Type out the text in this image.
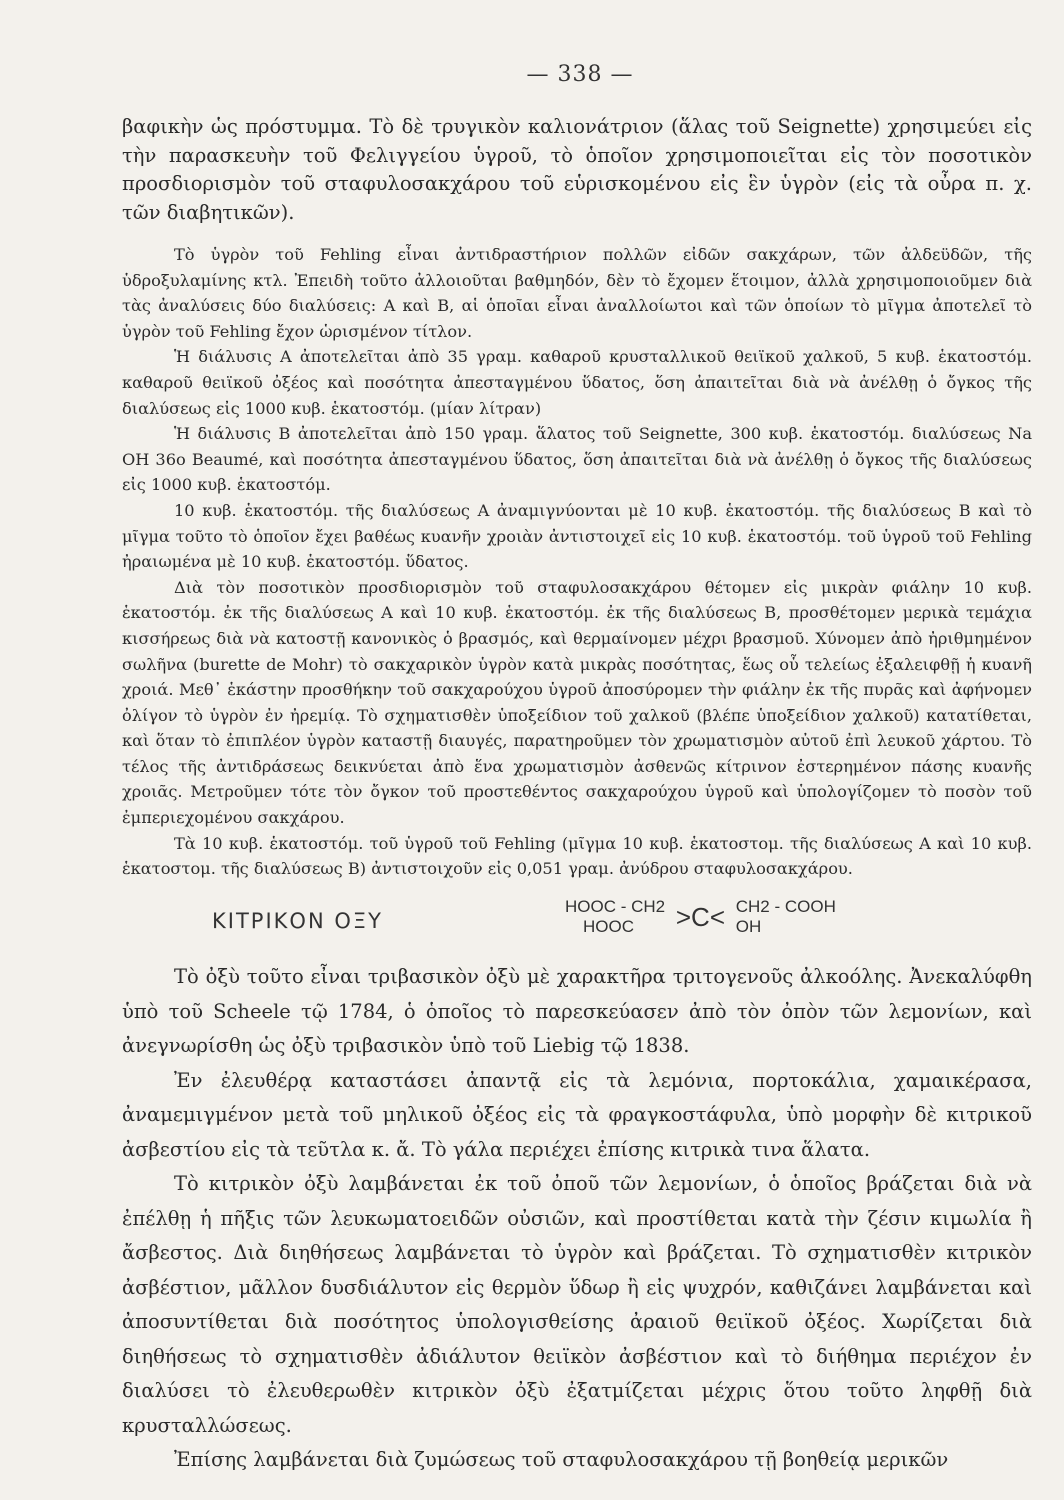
— 338 —

βαφικὴν ὡς πρόστυμμα. Τὸ δὲ τρυγικὸν καλιονάτριον (ἅλας τοῦ Seignette) χρησιμεύει εἰς τὴν παρασκευὴν τοῦ Φελιγγείου ὑγροῦ, τὸ ὁποῖον χρησιμοποιεῖται εἰς τὸν ποσοτικὸν προσδιορισμὸν τοῦ σταφυλοσακχάρου τοῦ εὑρισκομένου εἰς ἓν ὑγρὸν (εἰς τὰ οὖρα π. χ. τῶν διαβητικῶν).

Τὸ ὑγρὸν τοῦ Fehling εἶναι ἀντιδραστήριον πολλῶν εἰδῶν σακχάρων, τῶν ἀλδεϋδῶν, τῆς ὑδροξυλαμίνης κτλ. Ἐπειδὴ τοῦτο ἀλλοιοῦται βαθμηδόν, δὲν τὸ ἔχομεν ἕτοιμον, ἀλλὰ χρησιμοποιοῦμεν διὰ τὰς ἀναλύσεις δύο διαλύσεις: Α καὶ Β, αἱ ὁποῖαι εἶναι ἀναλλοίωτοι καὶ τῶν ὁποίων τὸ μῖγμα ἀποτελεῖ τὸ ὑγρὸν τοῦ Fehling ἔχον ὡρισμένον τίτλον.

Ἡ διάλυσις Α ἀποτελεῖται ἀπὸ 35 γραμ. καθαροῦ κρυσταλλικοῦ θειϊκοῦ χαλκοῦ, 5 κυβ. ἑκατοστόμ. καθαροῦ θειϊκοῦ ὀξέος καὶ ποσότητα ἀπεσταγμένου ὕδατος, ὅση ἀπαιτεῖται διὰ νὰ ἀνέλθῃ ὁ ὄγκος τῆς διαλύσεως εἰς 1000 κυβ. ἑκατοστόμ. (μίαν λίτραν)

Ἡ διάλυσις Β ἀποτελεῖται ἀπὸ 150 γραμ. ἅλατος τοῦ Seignette, 300 κυβ. ἑκατοστόμ. διαλύσεως Na OH 36ο Beaumé, καὶ ποσότητα ἀπεσταγμένου ὕδατος, ὅση ἀπαιτεῖται διὰ νὰ ἀνέλθῃ ὁ ὄγκος τῆς διαλύσεως εἰς 1000 κυβ. ἑκατοστόμ.

10 κυβ. ἑκατοστόμ. τῆς διαλύσεως Α ἀναμιγνύονται μὲ 10 κυβ. ἑκατοστόμ. τῆς διαλύσεως Β καὶ τὸ μῖγμα τοῦτο τὸ ὁποῖον ἔχει βαθέως κυανῆν χροιὰν ἀντιστοιχεῖ εἰς 10 κυβ. ἑκατοστόμ. τοῦ ὑγροῦ τοῦ Fehling ἠραιωμένα μὲ 10 κυβ. ἑκατοστόμ. ὕδατος.

Διὰ τὸν ποσοτικὸν προσδιορισμὸν τοῦ σταφυλοσακχάρου θέτομεν εἰς μικρὰν φιάλην 10 κυβ. ἑκατοστόμ. ἐκ τῆς διαλύσεως Α καὶ 10 κυβ. ἑκατοστόμ. ἐκ τῆς διαλύσεως Β, προσθέτομεν μερικὰ τεμάχια κισσήρεως διὰ νὰ κατοστῇ κανονικὸς ὁ βρασμός, καὶ θερμαίνομεν μέχρι βρασμοῦ. Χύνομεν ἀπὸ ἠριθμημένον σωλῆνα (burette de Mohr) τὸ σακχαρικὸν ὑγρὸν κατὰ μικρὰς ποσότητας, ἕως οὗ τελείως ἐξαλειφθῇ ἡ κυανῆ χροιά. Μεθ᾽ ἑκάστην προσθήκην τοῦ σακχαρούχου ὑγροῦ ἀποσύρομεν τὴν φιάλην ἐκ τῆς πυρᾶς καὶ ἀφήνομεν ὀλίγον τὸ ὑγρὸν ἐν ἠρεμίᾳ. Τὸ σχηματισθὲν ὑποξείδιον τοῦ χαλκοῦ (βλέπε ὑποξείδιον χαλκοῦ) κατατίθεται, καὶ ὅταν τὸ ἐπιπλέον ὑγρὸν καταστῇ διαυγές, παρατηροῦμεν τὸν χρωματισμὸν αὐτοῦ ἐπὶ λευκοῦ χάρτου. Τὸ τέλος τῆς ἀντιδράσεως δεικνύεται ἀπὸ ἕνα χρωματισμὸν ἀσθενῶς κίτρινον ἐστερημένον πάσης κυανῆς χροιᾶς. Μετροῦμεν τότε τὸν ὄγκον τοῦ προστεθέντος σακχαρούχου ὑγροῦ καὶ ὑπολογίζομεν τὸ ποσὸν τοῦ ἐμπεριεχομένου σακχάρου.

Τὰ 10 κυβ. ἑκατοστόμ. τοῦ ὑγροῦ τοῦ Fehling (μῖγμα 10 κυβ. ἑκατοστομ. τῆς διαλύσεως Α καὶ 10 κυβ. ἑκατοστομ. τῆς διαλύσεως Β) ἀντιστοιχοῦν εἰς 0,051 γραμ. ἀνύδρου σταφυλοσακχάρου.

ΚΙΤΡΙΚΟΝ ΟΞΥ
HOOC - CH2
HOOC	>C< CH2 - COOH
OH

Τὸ ὀξὺ τοῦτο εἶναι τριβασικὸν ὀξὺ μὲ χαρακτῆρα τριτογενοῦς ἀλκοόλης. Ἀνεκαλύφθη ὑπὸ τοῦ Scheele τῷ 1784, ὁ ὁποῖος τὸ παρεσκεύασεν ἀπὸ τὸν ὀπὸν τῶν λεμονίων, καὶ ἀνεγνωρίσθη ὡς ὀξὺ τριβασικὸν ὑπὸ τοῦ Liebig τῷ 1838.

Ἐν ἐλευθέρᾳ καταστάσει ἀπαντᾷ εἰς τὰ λεμόνια, πορτοκάλια, χαμαικέρασα, ἀναμεμιγμένον μετὰ τοῦ μηλικοῦ ὀξέος εἰς τὰ φραγκοστάφυλα, ὑπὸ μορφὴν δὲ κιτρικοῦ ἀσβεστίου εἰς τὰ τεῦτλα κ. ἄ. Τὸ γάλα περιέχει ἐπίσης κιτρικὰ τινα ἅλατα.

Τὸ κιτρικὸν ὀξὺ λαμβάνεται ἐκ τοῦ ὀποῦ τῶν λεμονίων, ὁ ὁποῖος βράζεται διὰ νὰ ἐπέλθῃ ἡ πῆξις τῶν λευκωματοειδῶν οὐσιῶν, καὶ προστίθεται κατὰ τὴν ζέσιν κιμωλία ἢ ἄσβεστος. Διὰ διηθήσεως λαμβάνεται τὸ ὑγρὸν καὶ βράζεται. Τὸ σχηματισθὲν κιτρικὸν ἀσβέστιον, μᾶλλον δυσδιάλυτον εἰς θερμὸν ὕδωρ ἢ εἰς ψυχρόν, καθιζάνει λαμβάνεται καὶ ἀποσυντίθεται διὰ ποσότητος ὑπολογισθείσης ἀραιοῦ θειϊκοῦ ὀξέος. Χωρίζεται διὰ διηθήσεως τὸ σχηματισθὲν ἀδιάλυτον θειϊκὸν ἀσβέστιον καὶ τὸ διήθημα περιέχον ἐν διαλύσει τὸ ἐλευθερωθὲν κιτρικὸν ὀξὺ ἐξατμίζεται μέχρις ὅτου τοῦτο ληφθῇ διὰ κρυσταλλώσεως.

Ἐπίσης λαμβάνεται διὰ ζυμώσεως τοῦ σταφυλοσακχάρου τῇ βοηθείᾳ μερικῶν
